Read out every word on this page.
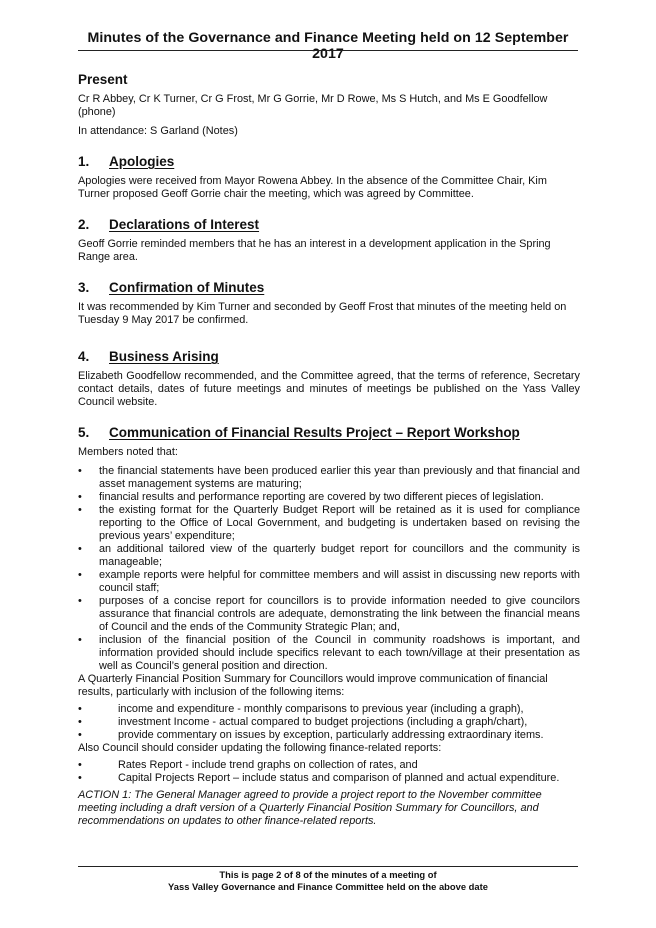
Minutes of the Governance and Finance Meeting held on 12 September 2017
Present

Cr R Abbey, Cr K Turner, Cr G Frost, Mr G Gorrie, Mr D Rowe, Ms S Hutch, and Ms E Goodfellow (phone)

In attendance: S Garland (Notes)

1. Apologies

Apologies were received from Mayor Rowena Abbey. In the absence of the Committee Chair, Kim Turner proposed Geoff Gorrie chair the meeting, which was agreed by Committee.

2. Declarations of Interest

Geoff Gorrie reminded members that he has an interest in a development application in the Spring Range area.

3. Confirmation of Minutes

It was recommended by Kim Turner and seconded by Geoff Frost that minutes of the meeting held on Tuesday 9 May 2017 be confirmed.

4. Business Arising

Elizabeth Goodfellow recommended, and the Committee agreed, that the terms of reference, Secretary contact details, dates of future meetings and minutes of meetings be published on the Yass Valley Council website.

5. Communication of Financial Results Project – Report Workshop

Members noted that:

• the financial statements have been produced earlier this year than previously and that financial and asset management systems are maturing;
• financial results and performance reporting are covered by two different pieces of legislation.
• the existing format for the Quarterly Budget Report will be retained as it is used for compliance reporting to the Office of Local Government, and budgeting is undertaken based on revising the previous years’ expenditure;
• an additional tailored view of the quarterly budget report for councillors and the community is manageable;
• example reports were helpful for committee members and will assist in discussing new reports with council staff;
• purposes of a concise report for councillors is to provide information needed to give councilors assurance that financial controls are adequate, demonstrating the link between the financial means of Council and the ends of the Community Strategic Plan; and,
• inclusion of the financial position of the Council in community roadshows is important, and information provided should include specifics relevant to each town/village at their presentation as well as Council’s general position and direction.

A Quarterly Financial Position Summary for Councillors would improve communication of financial results, particularly with inclusion of the following items:

• income and expenditure - monthly comparisons to previous year (including a graph),
• investment Income - actual compared to budget projections (including a graph/chart),
• provide commentary on issues by exception, particularly addressing extraordinary items.

Also Council should consider updating the following finance-related reports:

• Rates Report - include trend graphs on collection of rates, and
• Capital Projects Report – include status and comparison of planned and actual expenditure.

ACTION 1: The General Manager agreed to provide a project report to the November committee meeting including a draft version of a Quarterly Financial Position Summary for Councillors, and recommendations on updates to other finance-related reports.

This is page 2 of 8 of the minutes of a meeting of
Yass Valley Governance and Finance Committee held on the above date
